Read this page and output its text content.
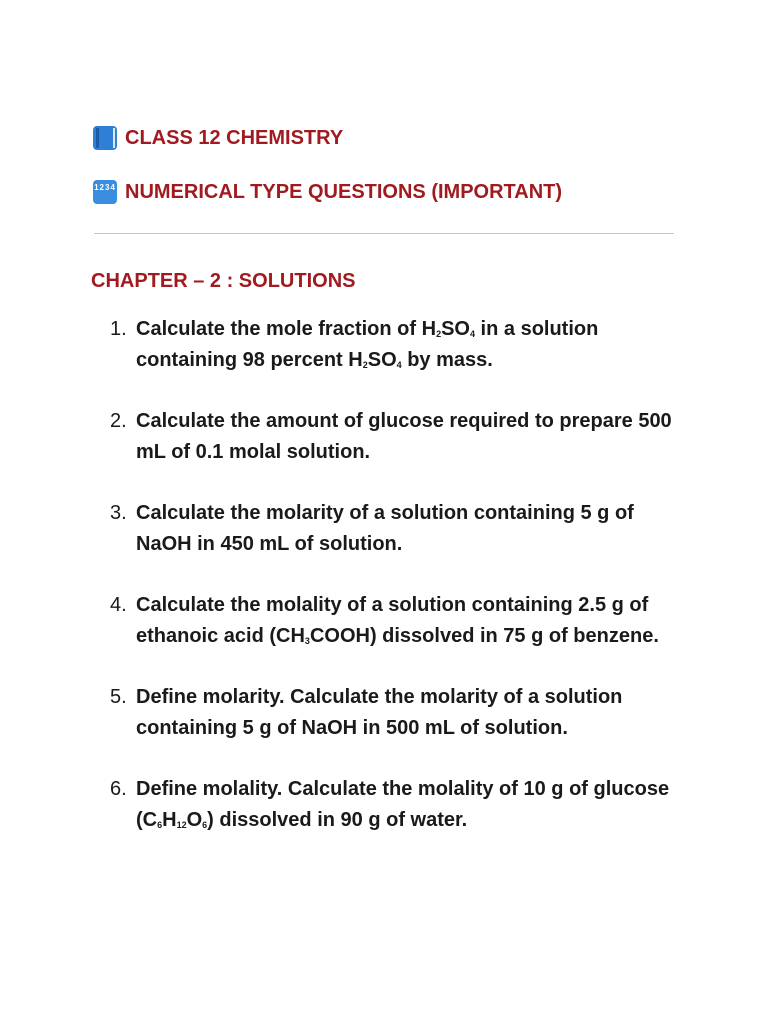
CLASS 12 CHEMISTRY
1234 NUMERICAL TYPE QUESTIONS (IMPORTANT)
CHAPTER – 2 : SOLUTIONS
1. Calculate the mole fraction of $H_2SO_4$ in a solution containing 98 percent $H_2SO_4$ by mass.
2. Calculate the amount of glucose required to prepare 500 mL of 0.1 molal solution.
3. Calculate the molarity of a solution containing 5 g of NaOH in 450 mL of solution.
4. Calculate the molality of a solution containing 2.5 g of ethanoic acid $(CH_3COOH)$ dissolved in 75 g of benzene.
5. Define molarity. Calculate the molarity of a solution containing 5 g of NaOH in 500 mL of solution.
6. Define molality. Calculate the molality of 10 g of glucose $(C_6H_{12}O_6)$ dissolved in 90 g of water.
